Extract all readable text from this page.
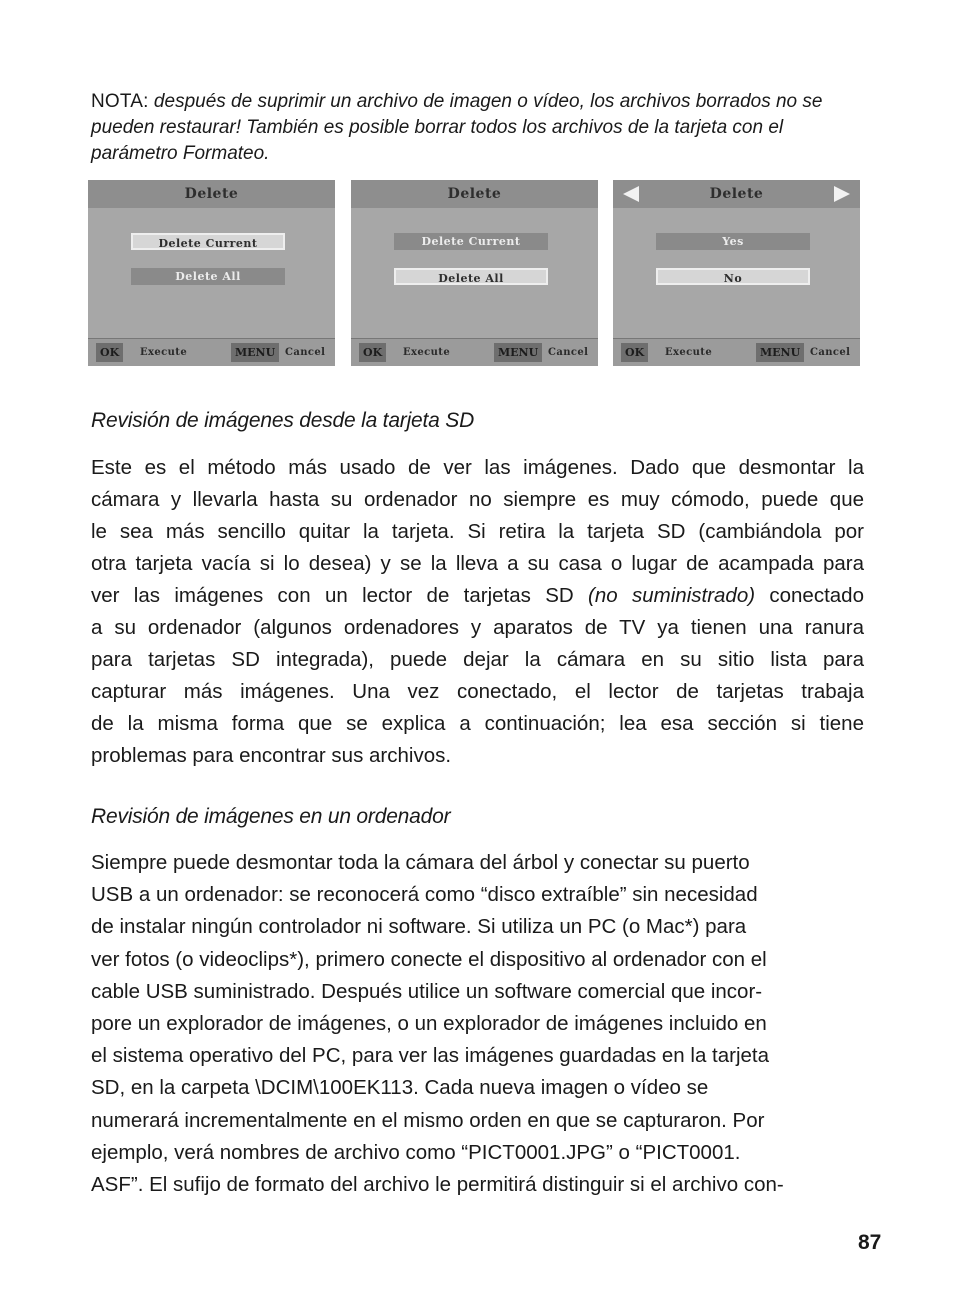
NOTA: después de suprimir un archivo de imagen o vídeo, los archivos borrados no se pueden restaurar! También es posible borrar todos los archivos de la tarjeta con el parámetro Formateo.
Delete
Delete Current
Delete All
OK	Execute	MENU Cancel
Delete
Delete Current
Delete All
OK	Execute	MENU Cancel
Delete
Yes
No
OK	Execute	MENU Cancel
Revisión de imágenes desde la tarjeta SD
Este es el método más usado de ver las imágenes. Dado que desmontar la
cámara y llevarla hasta su ordenador no siempre es muy cómodo, puede que
le sea más sencillo quitar la tarjeta. Si retira la tarjeta SD (cambiándola por
otra tarjeta vacía si lo desea) y se la lleva a su casa o lugar de acampada para
ver las imágenes con un lector de tarjetas SD (no suministrado) conectado
a su ordenador (algunos ordenadores y aparatos de TV ya tienen una ranura
para tarjetas SD integrada), puede dejar la cámara en su sitio lista para
capturar más imágenes. Una vez conectado, el lector de tarjetas trabaja
de la misma forma que se explica a continuación; lea esa sección si tiene
problemas para encontrar sus archivos.
Revisión de imágenes en un ordenador
Siempre puede desmontar toda la cámara del árbol y conectar su puerto
USB a un ordenador: se reconocerá como “disco extraíble” sin necesidad
de instalar ningún controlador ni software. Si utiliza un PC (o Mac*) para
ver fotos (o videoclips*), primero conecte el dispositivo al ordenador con el
cable USB suministrado. Después utilice un software comercial que incor-
pore un explorador de imágenes, o un explorador de imágenes incluido en
el sistema operativo del PC, para ver las imágenes guardadas en la tarjeta
SD, en la carpeta \DCIM\100EK113. Cada nueva imagen o vídeo se
numerará incrementalmente en el mismo orden en que se capturaron. Por
ejemplo, verá nombres de archivo como “PICT0001.JPG” o “PICT0001.
ASF”. El sufijo de formato del archivo le permitirá distinguir si el archivo con-
87
